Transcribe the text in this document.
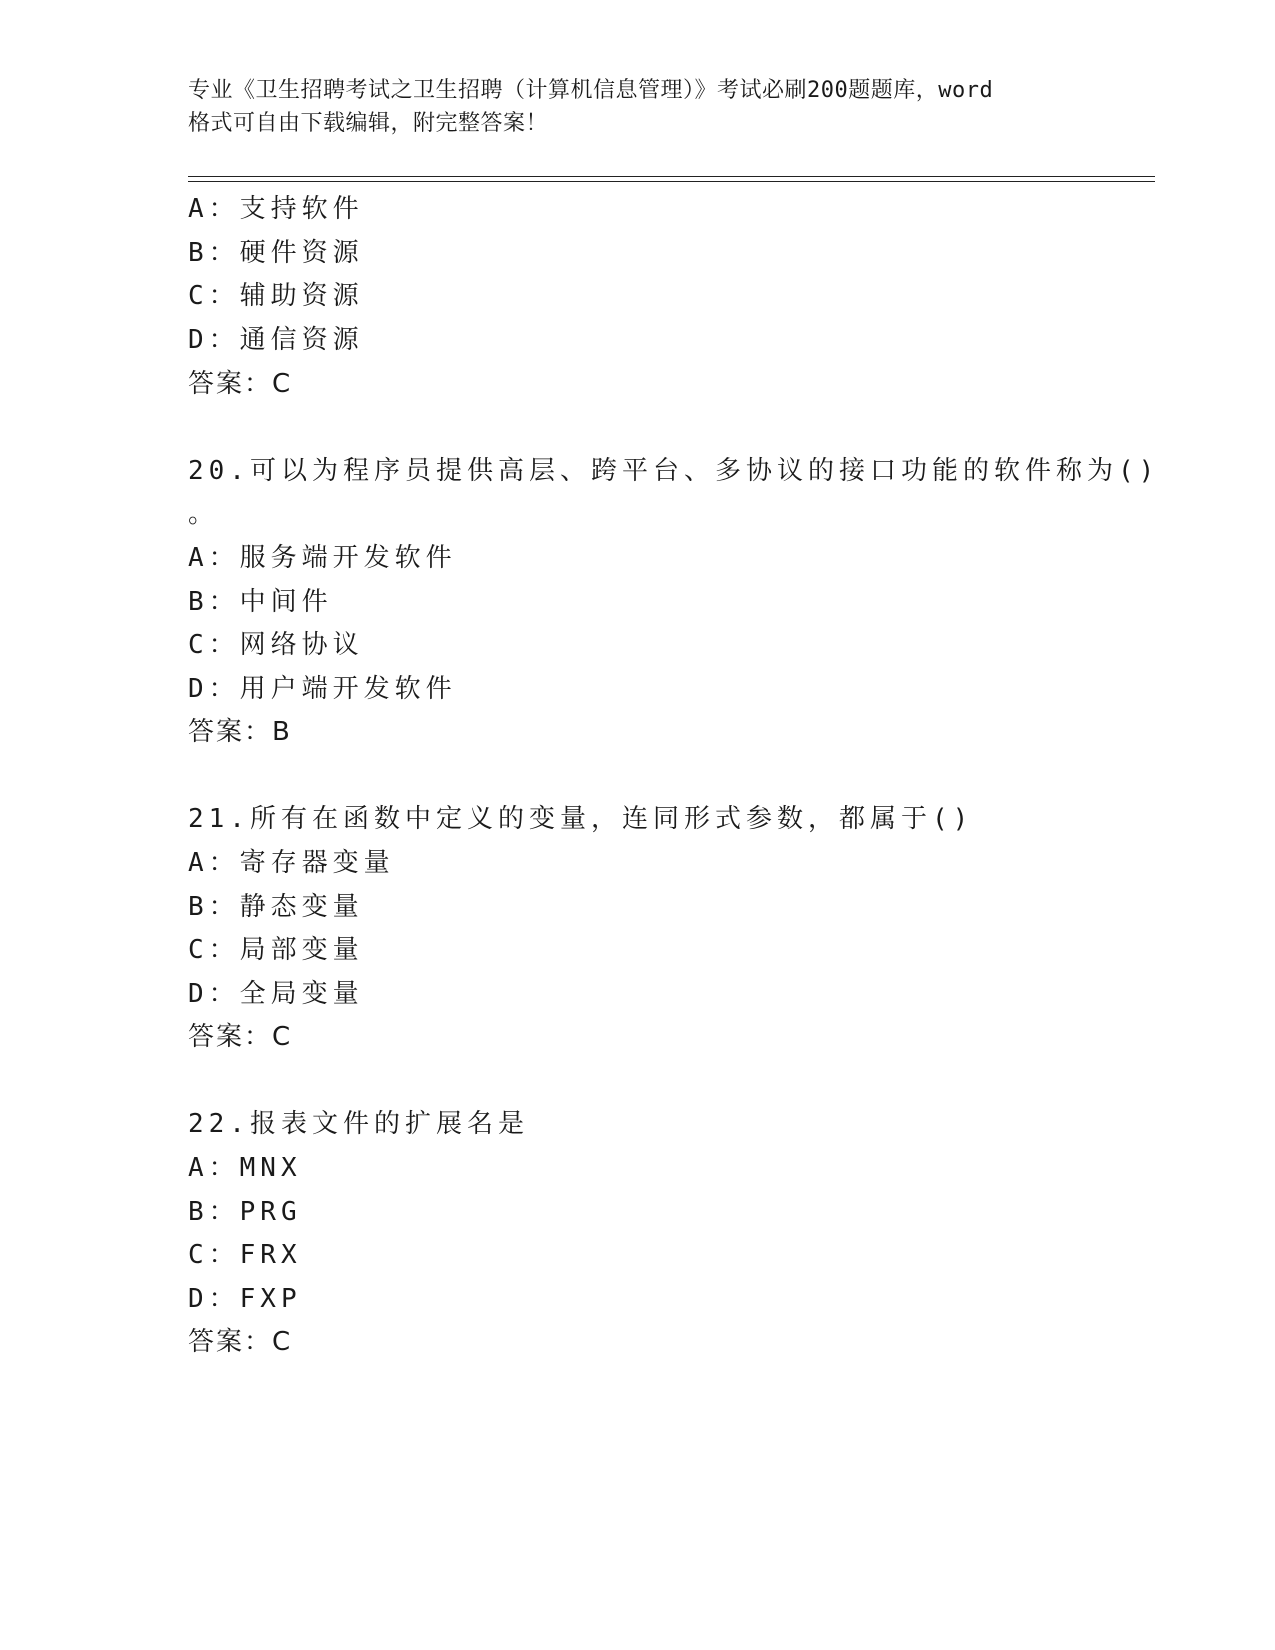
专业《卫生招聘考试之卫生招聘（计算机信息管理）》考试必刷200题题库，word
格式可自由下载编辑，附完整答案！
A：支持软件
B：硬件资源
C：辅助资源
D：通信资源
答案：C
20.可以为程序员提供高层、跨平台、多协议的接口功能的软件称为()
。
A：服务端开发软件
B：中间件
C：网络协议
D：用户端开发软件
答案：B
21.所有在函数中定义的变量，连同形式参数，都属于()
A：寄存器变量
B：静态变量
C：局部变量
D：全局变量
答案：C
22.报表文件的扩展名是
A：MNX
B：PRG
C：FRX
D：FXP
答案：C
